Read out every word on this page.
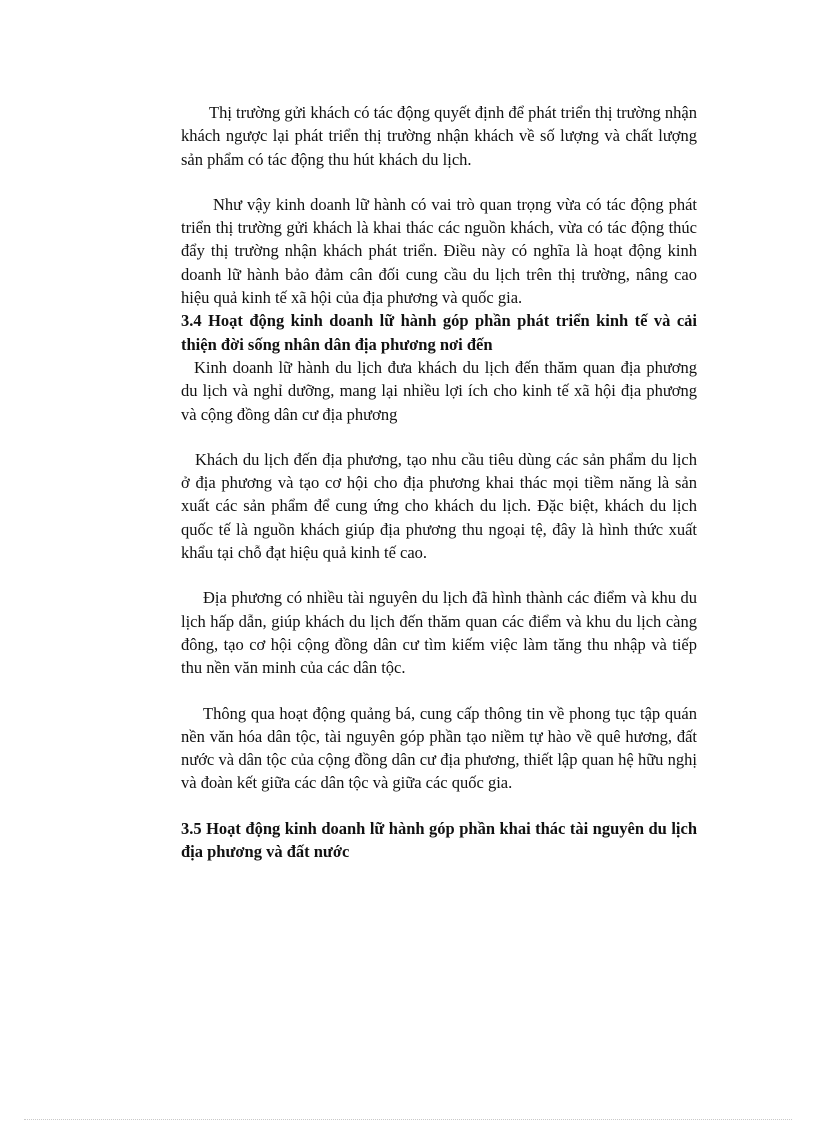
Thị trường gửi khách có tác động quyết định để phát triển thị trường nhận khách ngược lại phát triển thị trường nhận khách về số lượng và chất lượng sản phẩm có tác động thu hút khách du lịch.

Như vậy kinh doanh lữ hành có vai trò quan trọng vừa có tác động phát triển thị trường gửi khách là khai thác các nguồn khách, vừa có tác động thúc đẩy thị trường nhận khách phát triển. Điều này có nghĩa là hoạt động kinh doanh lữ hành bảo đảm cân đối cung cầu du lịch trên thị trường, nâng cao hiệu quả kinh tế xã hội của địa phương và quốc gia.

3.4 Hoạt động kinh doanh lữ hành góp phần phát triển kinh tế và cải thiện đời sống nhân dân địa phương nơi đến

Kinh doanh lữ hành du lịch đưa khách du lịch đến thăm quan địa phương du lịch và nghỉ dưỡng, mang lại nhiều lợi ích cho kinh tế xã hội địa phương và cộng đồng dân cư địa phương

Khách du lịch đến địa phương, tạo nhu cầu tiêu dùng các sản phẩm du lịch ở địa phương và tạo cơ hội cho địa phương khai thác mọi tiềm năng là sản xuất các sản phẩm để cung ứng cho khách du lịch. Đặc biệt, khách du lịch quốc tế là nguồn khách giúp địa phương thu ngoại tệ, đây là hình thức xuất khẩu tại chỗ đạt hiệu quả kinh tế cao.

Địa phương có nhiều tài nguyên du lịch đã hình thành các điểm và khu du lịch hấp dẫn, giúp khách du lịch đến thăm quan các điểm và khu du lịch càng đông, tạo cơ hội cộng đồng dân cư tìm kiếm việc làm tăng thu nhập và tiếp thu nền văn minh của các dân tộc.

Thông qua hoạt động quảng bá, cung cấp thông tin về phong tục tập quán nền văn hóa dân tộc, tài nguyên góp phần tạo niềm tự hào về quê hương, đất nước và dân tộc của cộng đồng dân cư địa phương, thiết lập quan hệ hữu nghị và đoàn kết giữa các dân tộc và giữa các quốc gia.

3.5 Hoạt động kinh doanh lữ hành góp phần khai thác tài nguyên du lịch địa phương và đất nước
